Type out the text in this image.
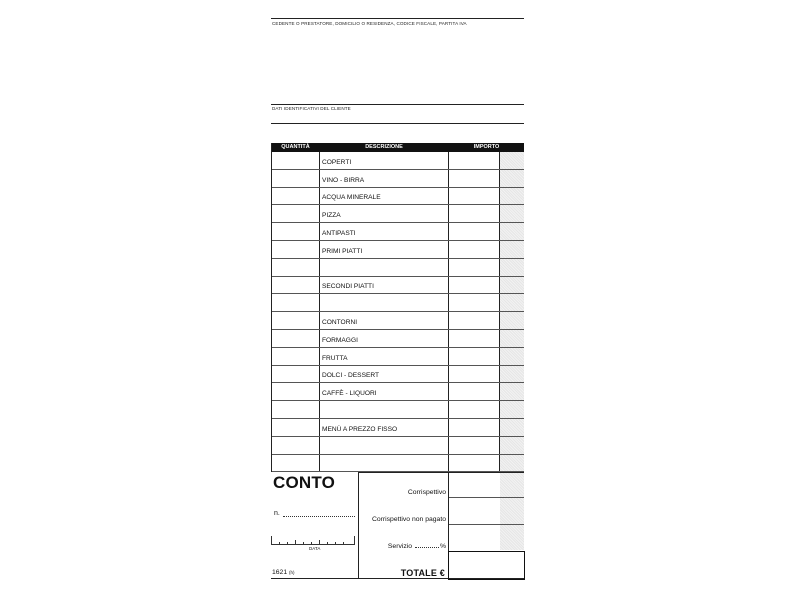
CEDENTE O PRESTATORE, DOMICILIO O RESIDENZA, CODICE FISCALE, PARTITA IVA
DATI IDENTIFICATIVI DEL CLIENTE
QUANTITÀ	DESCRIZIONE	IMPORTO
COPERTI
VINO - BIRRA
ACQUA MINERALE
PIZZA
ANTIPASTI
PRIMI PIATTI
SECONDI PIATTI
CONTORNI
FORMAGGI
FRUTTA
DOLCI - DESSERT
CAFFÈ - LIQUORI
MENÙ A PREZZO FISSO
CONTO
n.
DATA
1621 (h)
Corrispettivo
Corrispettivo non pagato
Servizio	%
TOTALE €
